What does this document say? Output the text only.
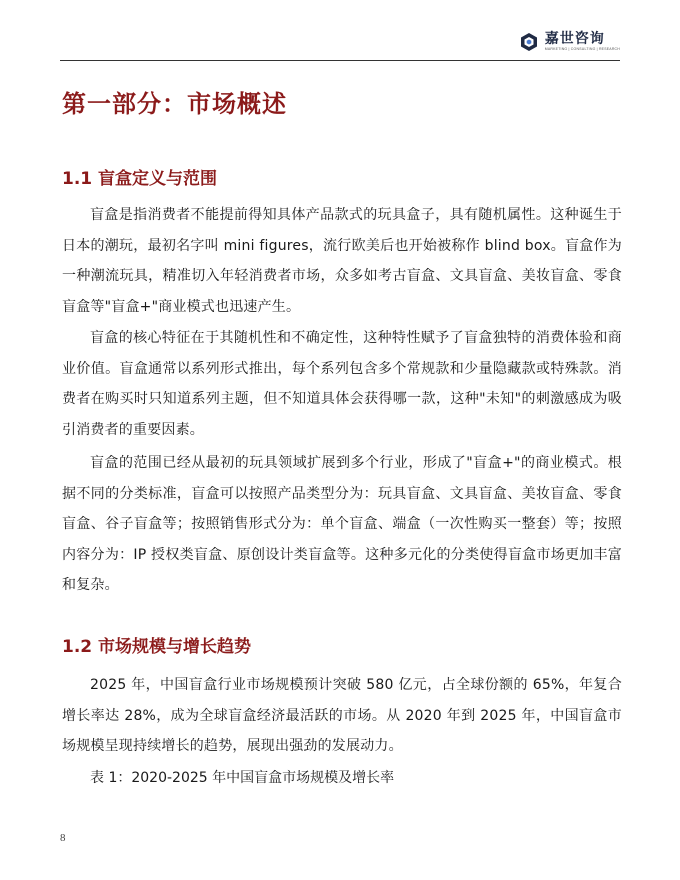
嘉世咨询
MARKETING | CONSULTING | RESEARCH
第一部分：市场概述
1.1 盲盒定义与范围

盲盒是指消费者不能提前得知具体产品款式的玩具盒子，具有随机属性。这种诞生于日本的潮玩，最初名字叫 mini figures，流行欧美后也开始被称作 blind box。盲盒作为一种潮流玩具，精准切入年轻消费者市场，众多如考古盲盒、文具盲盒、美妆盲盒、零食盲盒等"盲盒+"商业模式也迅速产生。

盲盒的核心特征在于其随机性和不确定性，这种特性赋予了盲盒独特的消费体验和商业价值。盲盒通常以系列形式推出，每个系列包含多个常规款和少量隐藏款或特殊款。消费者在购买时只知道系列主题，但不知道具体会获得哪一款，这种"未知"的刺激感成为吸引消费者的重要因素。

盲盒的范围已经从最初的玩具领域扩展到多个行业，形成了"盲盒+"的商业模式。根据不同的分类标准，盲盒可以按照产品类型分为：玩具盲盒、文具盲盒、美妆盲盒、零食盲盒、谷子盲盒等；按照销售形式分为：单个盲盒、端盒（一次性购买一整套）等；按照内容分为：IP 授权类盲盒、原创设计类盲盒等。这种多元化的分类使得盲盒市场更加丰富和复杂。

1.2 市场规模与增长趋势

2025 年，中国盲盒行业市场规模预计突破 580 亿元，占全球份额的 65%，年复合增长率达 28%，成为全球盲盒经济最活跃的市场。从 2020 年到 2025 年，中国盲盒市场规模呈现持续增长的趋势，展现出强劲的发展动力。

表 1：2020-2025 年中国盲盒市场规模及增长率

8
